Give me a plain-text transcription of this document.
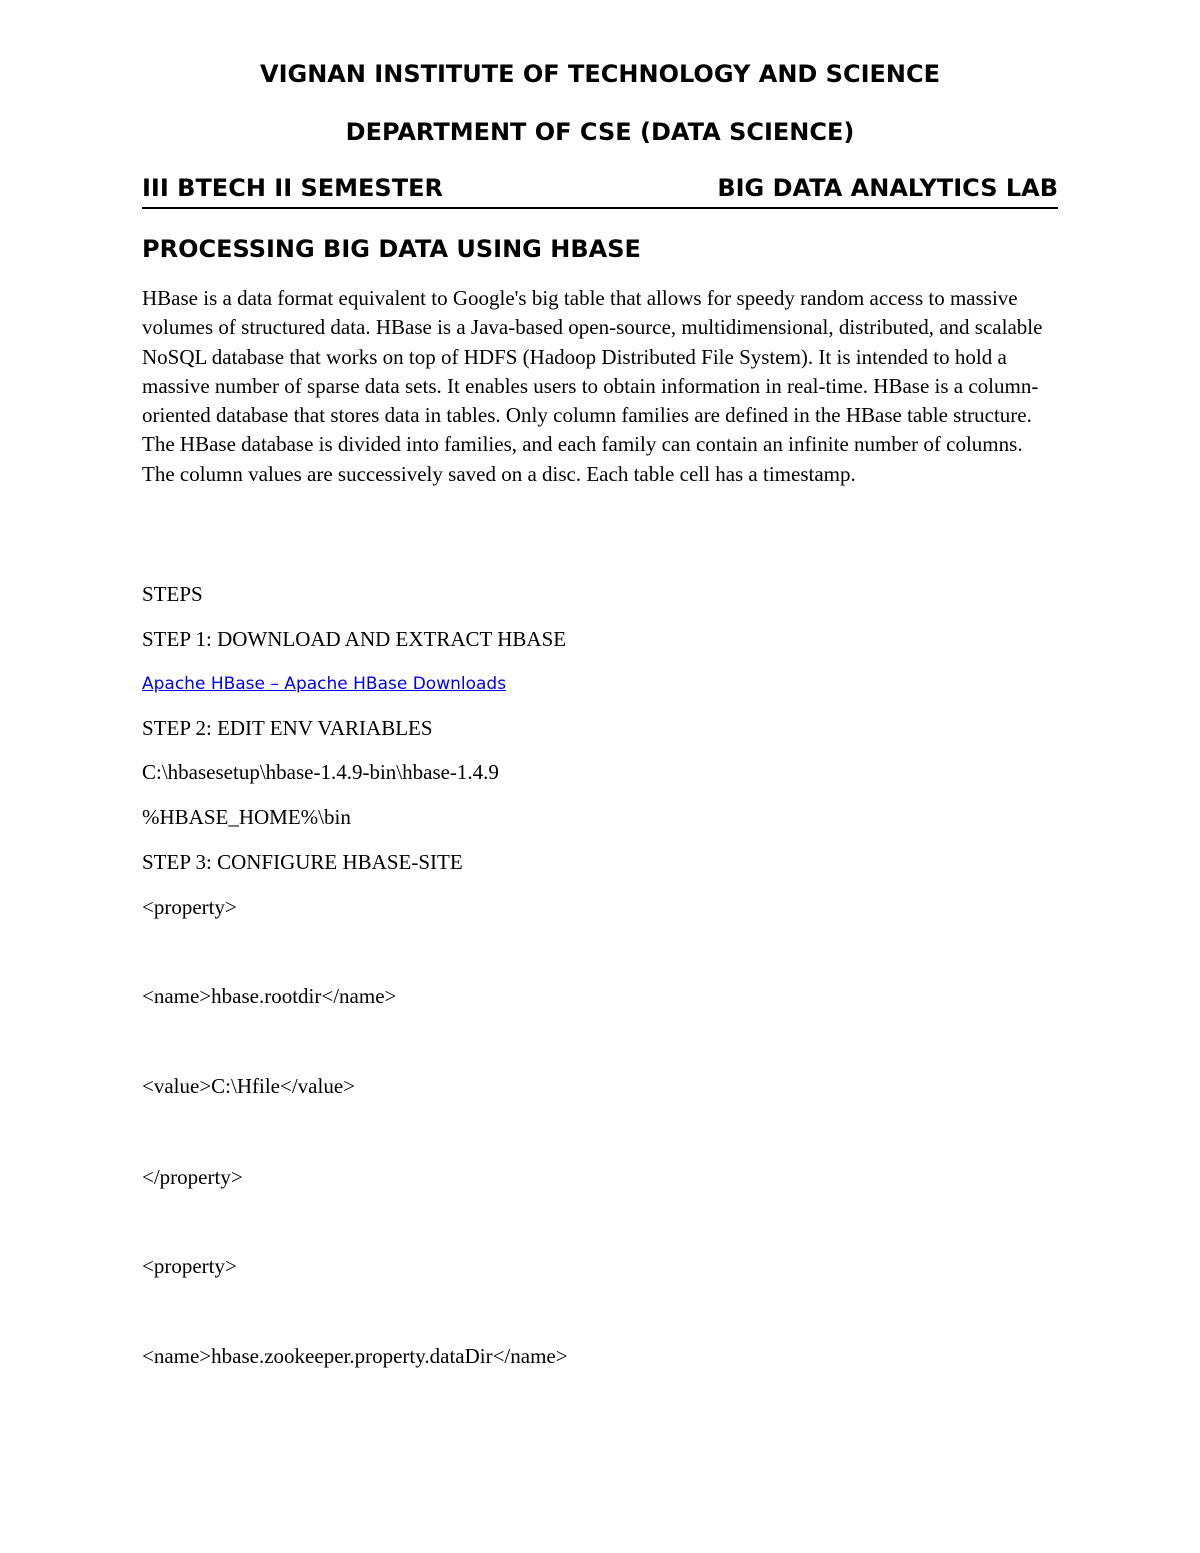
VIGNAN INSTITUTE OF TECHNOLOGY AND SCIENCE
DEPARTMENT OF CSE (DATA SCIENCE)
III BTECH II SEMESTER	BIG DATA ANALYTICS LAB
PROCESSING BIG DATA USING HBASE

HBase is a data format equivalent to Google's big table that allows for speedy random access to massive volumes of structured data. HBase is a Java-based open-source, multidimensional, distributed, and scalable NoSQL database that works on top of HDFS (Hadoop Distributed File System). It is intended to hold a massive number of sparse data sets. It enables users to obtain information in real-time. HBase is a column-oriented database that stores data in tables. Only column families are defined in the HBase table structure. The HBase database is divided into families, and each family can contain an infinite number of columns. The column values are successively saved on a disc. Each table cell has a timestamp.

STEPS
STEP 1: DOWNLOAD AND EXTRACT HBASE
Apache HBase – Apache HBase Downloads
STEP 2: EDIT ENV VARIABLES
C:\hbasesetup\hbase-1.4.9-bin\hbase-1.4.9
%HBASE_HOME%\bin
STEP 3: CONFIGURE HBASE-SITE
<property>
<name>hbase.rootdir</name>
<value>C:\Hfile</value>
</property>
<property>
<name>hbase.zookeeper.property.dataDir</name>
